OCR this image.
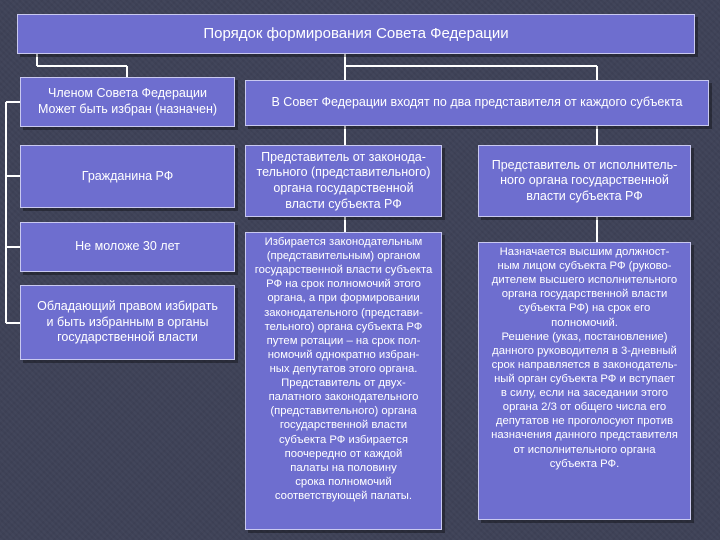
Порядок формирования Совета Федерации
Членом Совета Федерации
Может быть избран (назначен)	В Совет Федерации входят по два представителя от каждого субъекта
Гражданина РФ
Не моложе 30 лет
Обладающий правом избирать
и быть избранным в органы
государственной власти
Представитель от законода-
тельного (представительного)
органа государственной
власти субъекта РФ
Представитель от исполнитель-
ного органа государственной
власти субъекта РФ
Избирается законодательным
(представительным) органом
государственной власти субъекта
РФ на срок полномочий этого
органа, а при формировании
законодательного (представи-
тельного) органа субъекта РФ
путем ротации – на срок пол-
номочий однократно избран-
ных депутатов этого органа.
Представитель от двух-
палатного законодательного
(представительного) органа
государственной власти
субъекта РФ избирается
поочередно от каждой
палаты на половину
срока полномочий
соответствующей палаты.
Назначается высшим должност-
ным лицом субъекта РФ (руково-
дителем высшего исполнительного
органа государственной власти
субъекта РФ) на срок его
полномочий.
Решение (указ, постановление)
данного руководителя в 3-дневный
срок направляется в законодатель-
ный орган субъекта РФ и вступает
в силу, если на заседании этого
органа 2/3 от общего числа его
депутатов не проголосуют против
назначения данного представителя
от исполнительного органа
субъекта РФ.
